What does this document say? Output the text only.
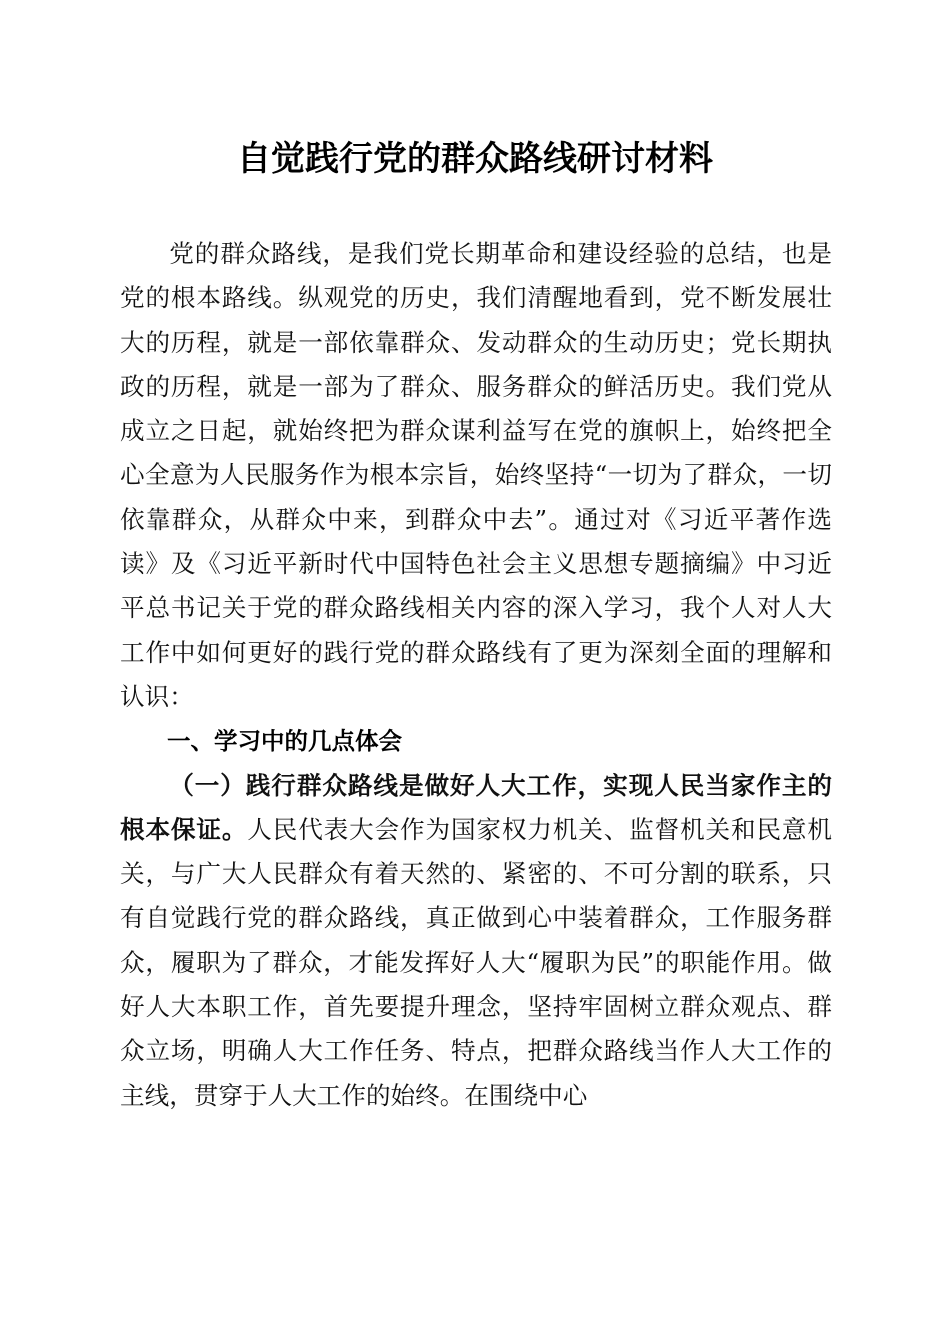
自觉践行党的群众路线研讨材料

党的群众路线，是我们党长期革命和建设经验的总结，也是党的根本路线。纵观党的历史，我们清醒地看到，党不断发展壮大的历程，就是一部依靠群众、发动群众的生动历史；党长期执政的历程，就是一部为了群众、服务群众的鲜活历史。我们党从成立之日起，就始终把为群众谋利益写在党的旗帜上，始终把全心全意为人民服务作为根本宗旨，始终坚持“一切为了群众，一切依靠群众，从群众中来，到群众中去”。通过对《习近平著作选读》及《习近平新时代中国特色社会主义思想专题摘编》中习近平总书记关于党的群众路线相关内容的深入学习，我个人对人大工作中如何更好的践行党的群众路线有了更为深刻全面的理解和认识：

一、学习中的几点体会

（一）践行群众路线是做好人大工作，实现人民当家作主的根本保证。人民代表大会作为国家权力机关、监督机关和民意机关，与广大人民群众有着天然的、紧密的、不可分割的联系，只有自觉践行党的群众路线，真正做到心中装着群众，工作服务群众，履职为了群众，才能发挥好人大“履职为民”的职能作用。做好人大本职工作，首先要提升理念，坚持牢固树立群众观点、群众立场，明确人大工作任务、特点，把群众路线当作人大工作的主线，贯穿于人大工作的始终。在围绕中心
